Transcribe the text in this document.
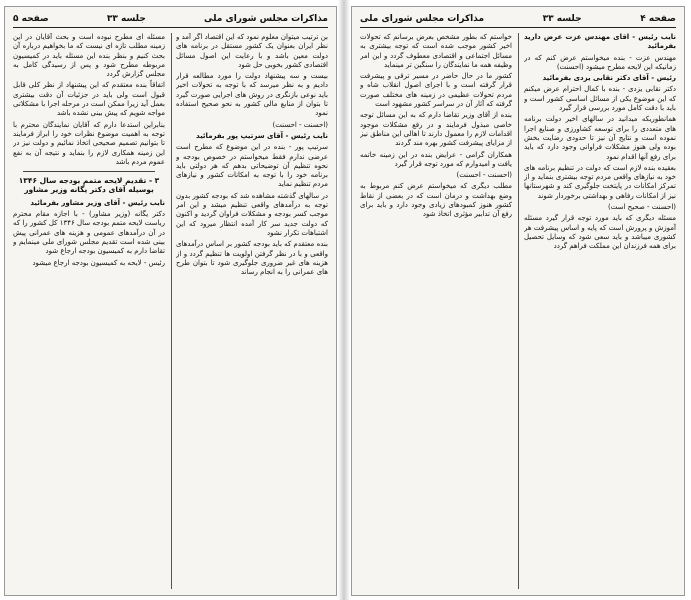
مذاکرات مجلس شورای ملی
جلسه ۳۳
صفحه ۵

بن ترتیب میتوان معلوم نمود که این اقتصاد اگر آمد و نظر ایران بعنوان یک کشور مستقل در برنامه های دولت معین باشد و با رعایت این اصول مسائل اقتصادی کشور بخوبی حل شود

بیست و سه پیشنهاد دولت را مورد مطالعه قرار دادیم و به نظر میرسد که با توجه به تحولات اخیر باید نوعی بازنگری در روش های اجرایی صورت گیرد تا بتوان از منابع مالی کشور به نحو صحیح استفاده نمود

(احسنت - احسنت)

نایب رئیس - آقای سرتیپ پور بفرمائید

سرتیپ پور - بنده در این موضوع که مطرح است عرضی ندارم فقط میخواستم در خصوص بودجه و نحوه تنظیم آن توضیحاتی بدهم که هر دولتی باید برنامه خود را با توجه به امکانات کشور و نیازهای مردم تنظیم نماید

در سالهای گذشته مشاهده شد که بودجه کشور بدون توجه به درآمدهای واقعی تنظیم میشد و این امر موجب کسر بودجه و مشکلات فراوان گردید و اکنون که دولت جدید سر کار آمده انتظار میرود که این اشتباهات تکرار نشود

بنده معتقدم که باید بودجه کشور بر اساس درآمدهای واقعی و با در نظر گرفتن اولویت ها تنظیم گردد و از هزینه های غیر ضروری جلوگیری شود تا بتوان طرح های عمرانی را به انجام رساند

مسئله ای مطرح نبوده است و بحث آقایان در این زمینه مطلب تازه ای نیست که ما بخواهیم درباره آن بحث کنیم و بنظر بنده این مسئله باید در کمیسیون مربوطه مطرح شود و پس از رسیدگی کامل به مجلس گزارش گردد

اتفاقاً بنده معتقدم که این پیشنهاد از نظر کلی قابل قبول است ولی باید در جزئیات آن دقت بیشتری بعمل آید زیرا ممکن است در مرحله اجرا با مشکلاتی مواجه شویم که پیش بینی نشده باشد

بنابراین استدعا دارم که آقایان نمایندگان محترم با توجه به اهمیت موضوع نظرات خود را ابراز فرمایند تا بتوانیم تصمیم صحیحی اتخاذ نمائیم و دولت نیز در این زمینه همکاری لازم را بنماید و نتیجه آن به نفع عموم مردم باشد

۳ - تقدیم لایحه متمم بودجه سال ۱۳۴۶ بوسیله آقای دکتر یگانه وزیر مشاور

نایب رئیس - آقای وزیر مشاور بفرمائید

دکتر یگانه (وزیر مشاور) - با اجازه مقام محترم ریاست لایحه متمم بودجه سال ۱۳۴۶ کل کشور را که در آن درآمدهای عمومی و هزینه های عمرانی پیش بینی شده است تقدیم مجلس شورای ملی مینمایم و تقاضا دارم به کمیسیون بودجه ارجاع شود

رئیس - لایحه به کمیسیون بودجه ارجاع میشود

صفحه ۴
جلسه ۳۳
مذاکرات مجلس شورای ملی

نایب رئیس - آقای مهندس عزت عرض دارید بفرمائید

مهندس عزت - بنده میخواستم عرض کنم که در زمانیکه این لایحه مطرح میشود (احسنت)

رئیس - آقای دکتر نقابی یزدی بفرمائید

دکتر نقابی یزدی - بنده با کمال احترام عرض میکنم که این موضوع یکی از مسائل اساسی کشور است و باید با دقت کامل مورد بررسی قرار گیرد

همانطوریکه میدانید در سالهای اخیر دولت برنامه های متعددی را برای توسعه کشاورزی و صنایع اجرا نموده است و نتایج آن نیز تا حدودی رضایت بخش بوده ولی هنوز مشکلات فراوانی وجود دارد که باید برای رفع آنها اقدام نمود

بعقیده بنده لازم است که دولت در تنظیم برنامه های خود به نیازهای واقعی مردم توجه بیشتری بنماید و از تمرکز امکانات در پایتخت جلوگیری کند و شهرستانها نیز از امکانات رفاهی و بهداشتی برخوردار شوند

(احسنت - صحیح است)

مسئله دیگری که باید مورد توجه قرار گیرد مسئله آموزش و پرورش است که پایه و اساس پیشرفت هر کشوری میباشد و باید سعی شود که وسایل تحصیل برای همه فرزندان این مملکت فراهم گردد

خواستم که بطور مشخص بعرض برسانم که تحولات اخیر کشور موجب شده است که توجه بیشتری به مسائل اجتماعی و اقتصادی معطوف گردد و این امر وظیفه همه ما نمایندگان را سنگین تر مینماید

کشور ما در حال حاضر در مسیر ترقی و پیشرفت قرار گرفته است و با اجرای اصول انقلاب شاه و مردم تحولات عظیمی در زمینه های مختلف صورت گرفته که آثار آن در سراسر کشور مشهود است

بنده از آقای وزیر تقاضا دارم که به این مسائل توجه خاصی مبذول فرمایند و در رفع مشکلات موجود اقدامات لازم را معمول دارند تا اهالی این مناطق نیز از مزایای پیشرفت کشور بهره مند گردند

همکاران گرامی - عرایض بنده در این زمینه خاتمه یافت و امیدوارم که مورد توجه قرار گیرد

(احسنت - احسنت)

مطلب دیگری که میخواستم عرض کنم مربوط به وضع بهداشت و درمان است که در بعضی از نقاط کشور هنوز کمبودهای زیادی وجود دارد و باید برای رفع آن تدابیر مؤثری اتخاذ شود
